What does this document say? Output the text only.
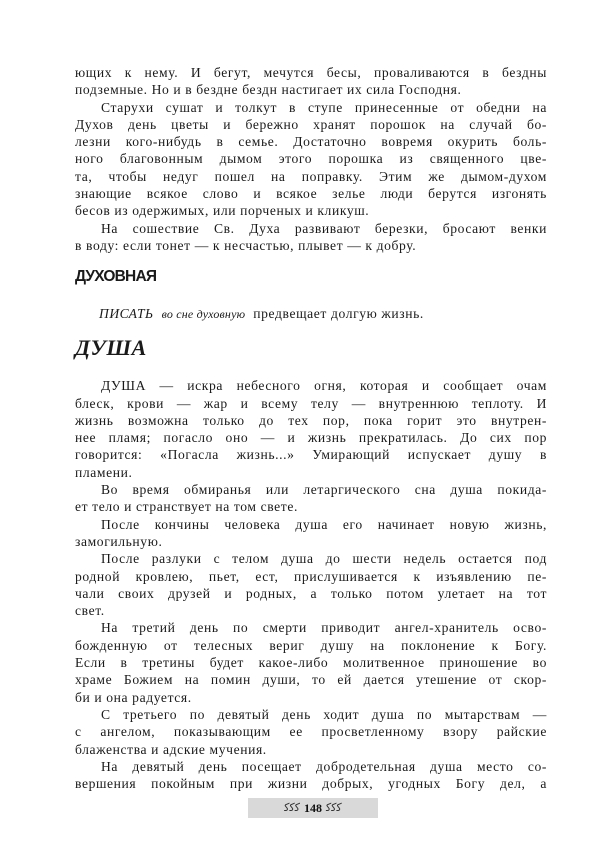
ющих к нему. И бегут, мечутся бесы, проваливаются в бездны
подземные. Но и в бездне бездн настигает их сила Господня.
Старухи сушат и толкут в ступе принесенные от обедни на
Духов день цветы и бережно хранят порошок на случай бо-
лезни кого-нибудь в семье. Достаточно вовремя окурить боль-
ного благовонным дымом этого порошка из священного цве-
та, чтобы недуг пошел на поправку. Этим же дымом-духом
знающие всякое слово и всякое зелье люди берутся изгонять
бесов из одержимых, или порченых и кликуш.
На сошествие Св. Духа развивают березки, бросают венки
в воду: если тонет — к несчастью, плывет — к добру.
ДУХОВНАЯ
ПИСАТЬ во сне духовную предвещает долгую жизнь.
ДУША
ДУША — искра небесного огня, которая и сообщает очам
блеск, крови — жар и всему телу — внутреннюю теплоту. И
жизнь возможна только до тех пор, пока горит это внутрен-
нее пламя; погасло оно — и жизнь прекратилась. До сих пор
говорится: «Погасла жизнь...» Умирающий испускает душу в
пламени.
Во время обмиранья или летаргического сна душа покида-
ет тело и странствует на том свете.
После кончины человека душа его начинает новую жизнь,
замогильную.
После разлуки с телом душа до шести недель остается под
родной кровлею, пьет, ест, прислушивается к изъявлению пе-
чали своих друзей и родных, а только потом улетает на тот
свет.
На третий день по смерти приводит ангел-хранитель осво-
божденную от телесных вериг душу на поклонение к Богу.
Если в третины будет какое-либо молитвенное приношение во
храме Божием на помин души, то ей дается утешение от скор-
би и она радуется.
С третьего по девятый день ходит душа по мытарствам —
с ангелом, показывающим ее просветленному взору райские
блаженства и адские мучения.
На девятый день посещает добродетельная душа место со-
вершения покойным при жизни добрых, угодных Богу дел, а
ﮐﮐﮐ 148 ﮐﮐﮐ
